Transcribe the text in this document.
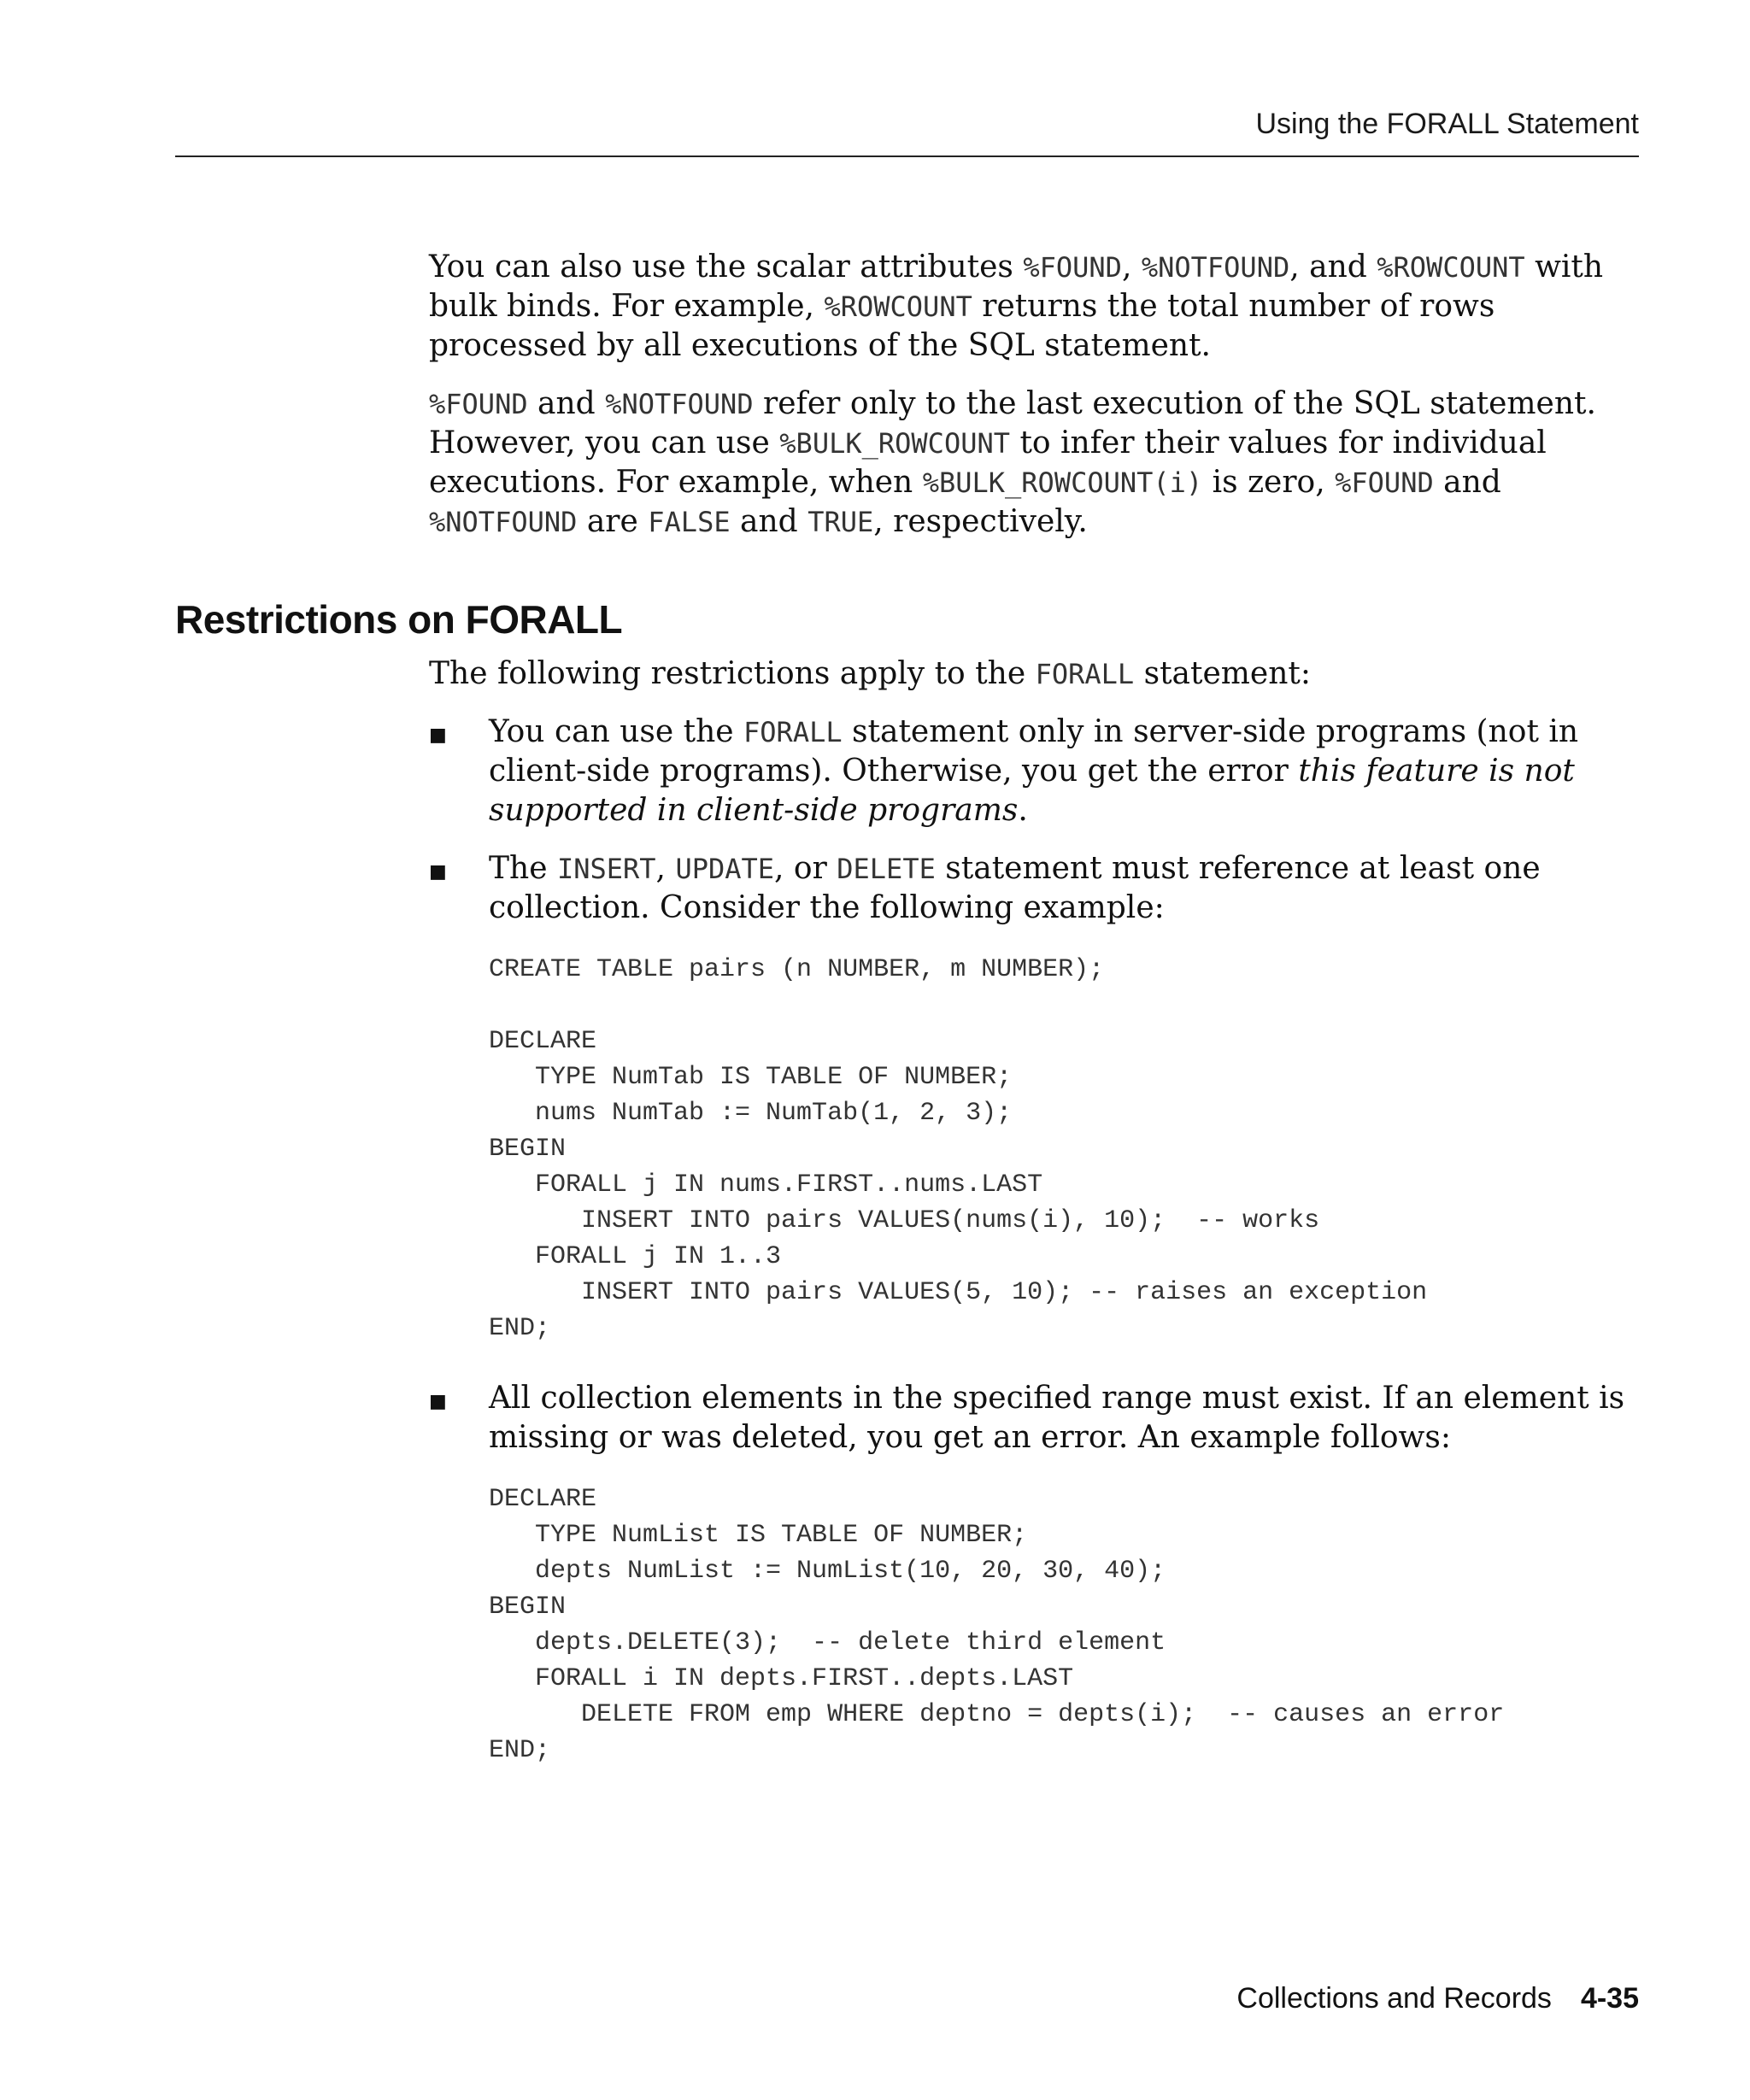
Using the FORALL Statement

You can also use the scalar attributes %FOUND, %NOTFOUND, and %ROWCOUNT with bulk binds. For example, %ROWCOUNT returns the total number of rows processed by all executions of the SQL statement.

%FOUND and %NOTFOUND refer only to the last execution of the SQL statement. However, you can use %BULK_ROWCOUNT to infer their values for individual executions. For example, when %BULK_ROWCOUNT(i) is zero, %FOUND and %NOTFOUND are FALSE and TRUE, respectively.

Restrictions on FORALL

The following restrictions apply to the FORALL statement:

■ You can use the FORALL statement only in server-side programs (not in client-side programs). Otherwise, you get the error this feature is not supported in client-side programs.

■ The INSERT, UPDATE, or DELETE statement must reference at least one collection. Consider the following example:

CREATE TABLE pairs (n NUMBER, m NUMBER);

DECLARE
TYPE NumTab IS TABLE OF NUMBER;
nums NumTab := NumTab(1, 2, 3);
BEGIN
FORALL j IN nums.FIRST..nums.LAST
INSERT INTO pairs VALUES(nums(i), 10);  -- works
FORALL j IN 1..3
INSERT INTO pairs VALUES(5, 10); -- raises an exception
END;
■ All collection elements in the specified range must exist. If an element is missing or was deleted, you get an error. An example follows:

DECLARE
TYPE NumList IS TABLE OF NUMBER;
depts NumList := NumList(10, 20, 30, 40);
BEGIN
depts.DELETE(3);  -- delete third element
FORALL i IN depts.FIRST..depts.LAST
DELETE FROM emp WHERE deptno = depts(i);  -- causes an error
END;
Collections and Records 4-35
